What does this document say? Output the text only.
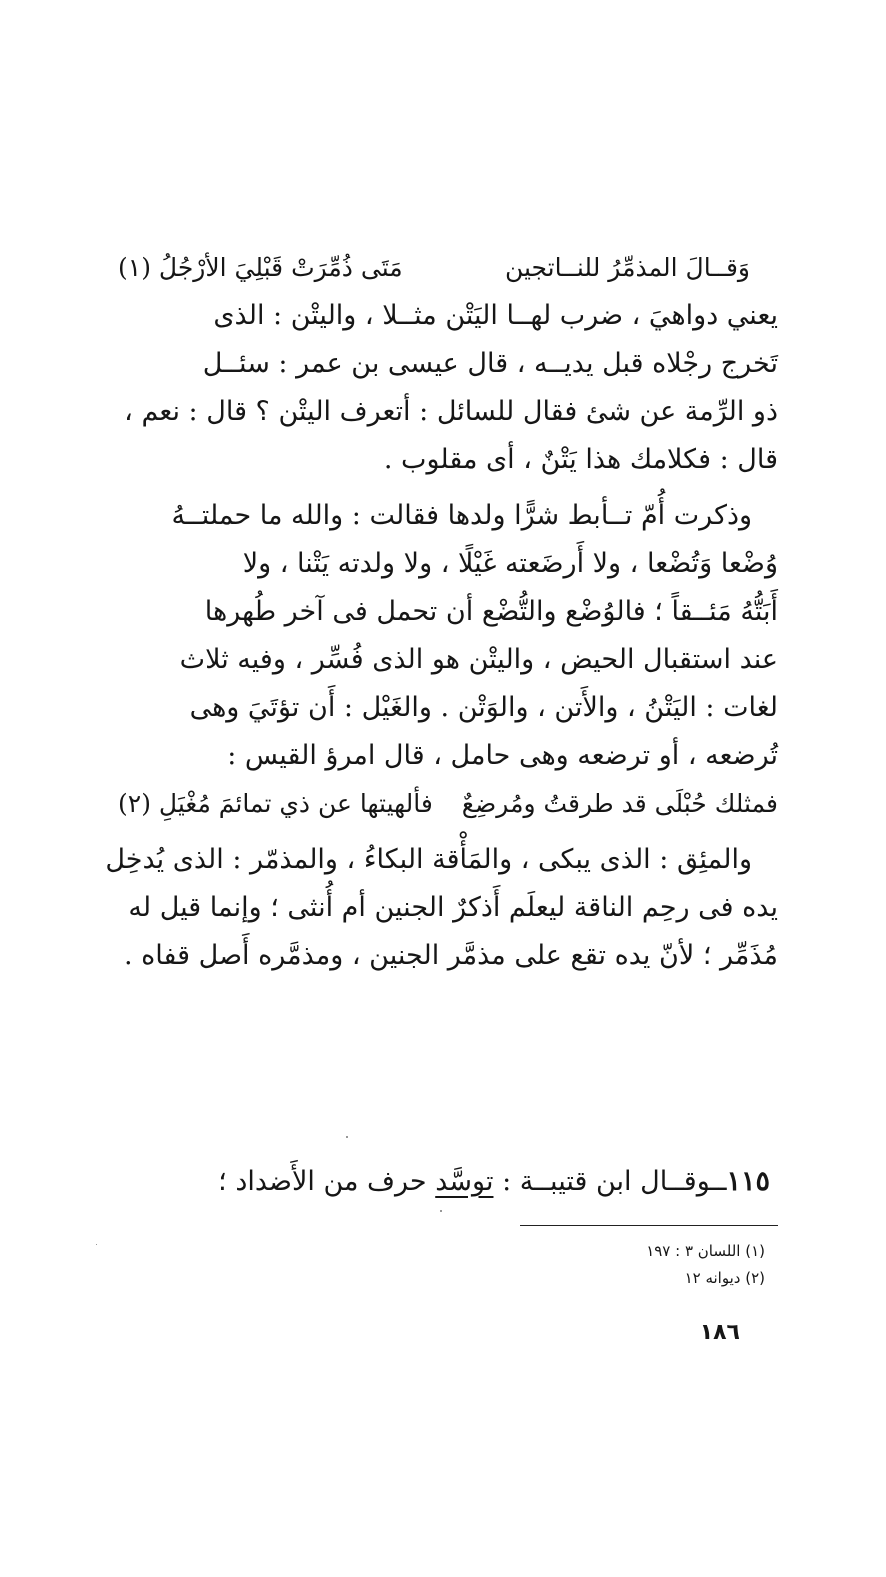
وَقــالَ المذمِّرُ للنــاتجين
مَتَى ذُمِّرَتْ قَبْلِيَ الأرْجُلُ (١)
يعني دواهيَ ، ضرب لهــا اليَتْن مثــلا ، واليتْن : الذى
تَخرج رجْلاه قبل يديــه ، قال عيسى بن عمر : سئــل
ذو الرِّمة عن شئ فقال للسائل : أتعرف اليتْن ؟ قال : نعم ،
قال : فكلامك هذا يَتْنٌ ، أى مقلوب .
وذكرت أُمّ تــأبط شرًّا ولدها فقالت : والله ما حملتــهُ
وُضْعا وَتُضْعا ، ولا أَرضَعته غَيْلًا ، ولا ولدته يَتْنا ، ولا
أَبَتُّهُ مَئــقاً ؛ فالوُضْع والتُّضْع أن تحمل فى آخر طُهرها
عند استقبال الحيض ، واليتْن هو الذى فُسِّر ، وفيه ثلاث
لغات : اليَتْنُ ، والأَتن ، والوَتْن . والغَيْل : أَن تؤتَيَ وهى
تُرضعه ، أو ترضعه وهى حامل ، قال امرؤ القيس :
فمثلك حُبْلَى قد طرقتُ ومُرضِعٌ
فألهيتها عن ذي تمائمَ مُغْيَلِ (٢)
والمئِق : الذى يبكى ، والمَأْقة البكاءُ ، والمذمّر : الذى يُدخِل
يده فى رحِم الناقة ليعلَم أَذكرٌ الجنين أم أُنثى ؛ وإنما قيل له
مُذَمِّر ؛ لأنّ يده تقع على مذمَّر الجنين ، ومذمَّره أَصل قفاه .
١١٥ــوقــال ابن قتيبــة : توسَّد حرف من الأَضداد ؛
(١) اللسان ٣ : ١٩٧
(٢) ديوانه ١٢
١٨٦
